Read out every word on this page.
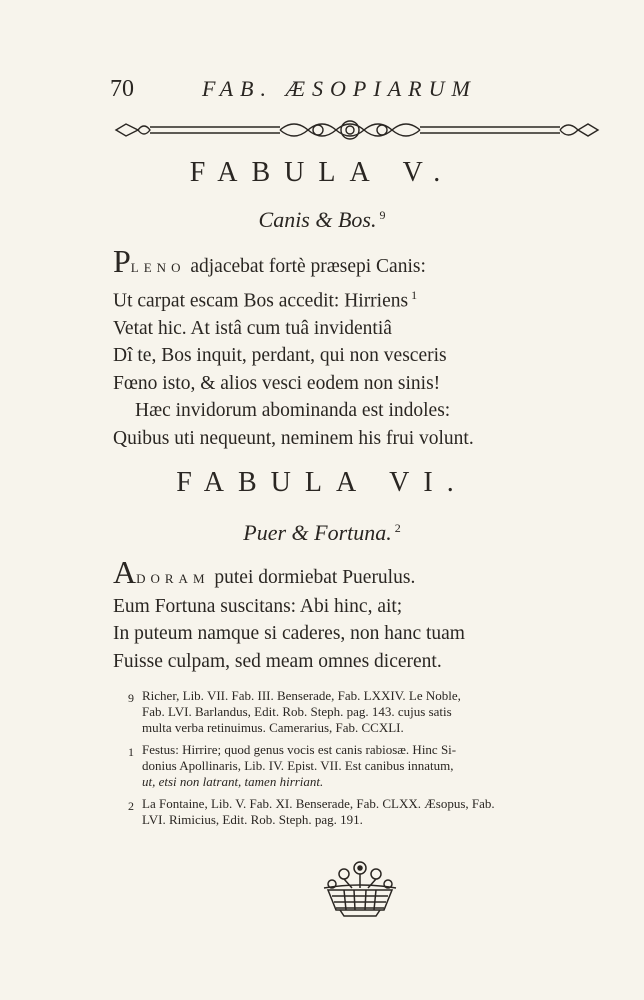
70	FAB. ÆSOPIARUM
FABULA V.
Canis & Bos. $^9$
PLENO adjacebat fortè præsepi Canis:
Ut carpat escam Bos accedit: Hirriens $^1$
Vetat hic. At istâ cum tuâ invidentiâ
Dî te, Bos inquit, perdant, qui non vesceris
Fœno isto, & alios vesci eodem non sinis!
Hæc invidorum abominanda est indoles:
Quibus uti nequeunt, neminem his frui volunt.
FABULA VI.
Puer & Fortuna. $^2$
ADORAM putei dormiebat Puerulus.
Eum Fortuna suscitans: Abi hinc, ait;
In puteum namque si caderes, non hanc tuam
Fuisse culpam, sed meam omnes dicerent.
9 Richer, Lib. VII. Fab. III. Benserade, Fab. LXXIV. Le Noble,
Fab. LVI. Barlandus, Edit. Rob. Steph. pag. 143. cujus satis
multa verba retinuimus. Camerarius, Fab. CCXLI.
1 Festus: Hirrire; quod genus vocis est canis rabiosæ. Hinc Si-
donius Apollinaris, Lib. IV. Epist. VII. Est canibus innatum,
ut, etsi non latrant, tamen hirriant.
2 La Fontaine, Lib. V. Fab. XI. Benserade, Fab. CLXX. Æsopus, Fab.
LVI. Rimicius, Edit. Rob. Steph. pag. 191.
